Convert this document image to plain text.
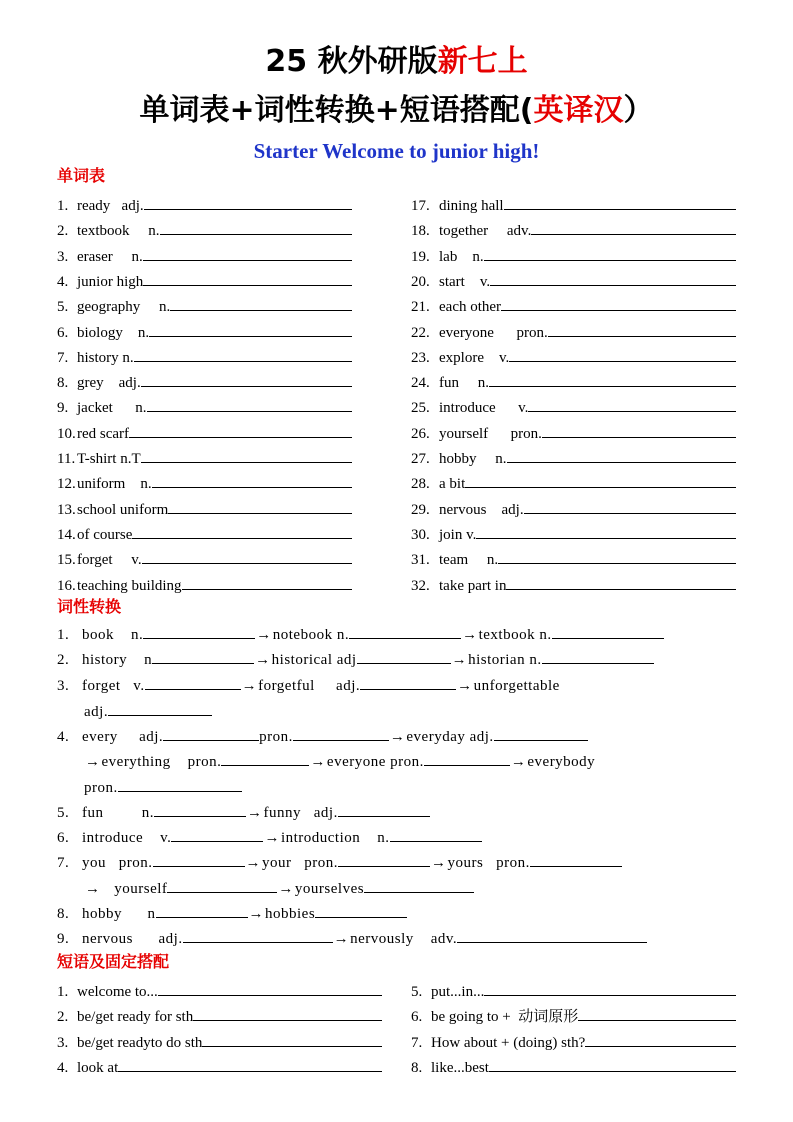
25 秋外研版新七上
单词表+词性转换+短语搭配(英译汉）
Starter Welcome to junior high!
单词表
1. ready   adj.
2. textbook     n.
3. eraser     n.
4. junior high
5. geography     n.
6. biology    n.
7. history n.
8. grey    adj.
9. jacket      n.
10.red scarf
11. T-shirt n.T
12.uniform    n.
13.school uniform
14.of course
15.forget     v.
16.teaching building
17. dining hall
18. together     adv.
19. lab    n.
20. start    v.
21. each other
22. everyone      pron.
23. explore    v.
24. fun     n.
25. introduce      v.
26. yourself      pron.
27. hobby     n.
28. a bit
29. nervous    adj.
30. join v.
31. team     n.
32. take part in
词性转换
1. book n.	→notebook n.	→textbook n.
2. history n	→historical adj	→historian n.
3. forget v.	→forgetful adj.	→unforgettable
adj.
4. every adj.	pron.	→everyday adj.
→everything pron.	→everyone pron.	→everybody
pron.
5. fun	n.	→funny adj.
6. introduce v.	→introduction n.
7. you pron.	→your pron.	→yours pron.
→ yourself	→yourselves
8. hobby n	→hobbies
9. nervous adj.	→nervously adv.
短语及固定搭配
1. welcome to...
2. be/get ready for sth
3. be/get readyto do sth
4. look at
5. put...in...
6. be going to +  动词原形
7. How about + (doing) sth?
8. like...best
